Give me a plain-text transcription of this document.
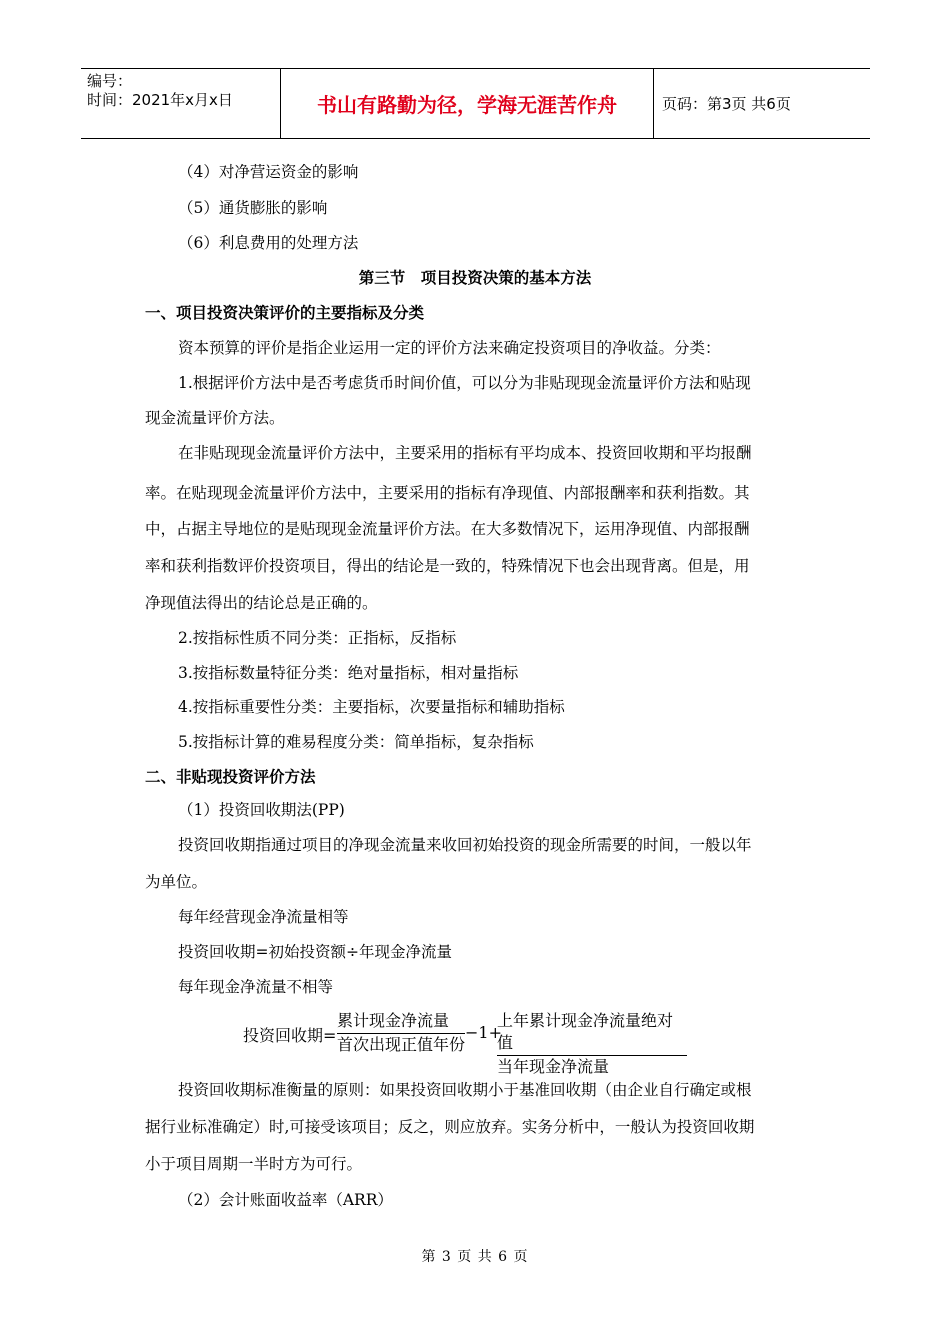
编号：
时间：2021年x月x日	书山有路勤为径，学海无涯苦作舟	页码：第3页 共6页
（4）对净营运资金的影响
（5）通货膨胀的影响
（6）利息费用的处理方法
第三节　项目投资决策的基本方法
一、项目投资决策评价的主要指标及分类
资本预算的评价是指企业运用一定的评价方法来确定投资项目的净收益。分类：
1.根据评价方法中是否考虑货币时间价值，可以分为非贴现现金流量评价方法和贴现
现金流量评价方法。
在非贴现现金流量评价方法中，主要采用的指标有平均成本、投资回收期和平均报酬
率。在贴现现金流量评价方法中，主要采用的指标有净现值、内部报酬率和获利指数。其
中，占据主导地位的是贴现现金流量评价方法。在大多数情况下，运用净现值、内部报酬
率和获利指数评价投资项目，得出的结论是一致的，特殊情况下也会出现背离。但是，用
净现值法得出的结论总是正确的。
2.按指标性质不同分类：正指标，反指标
3.按指标数量特征分类：绝对量指标，相对量指标
4.按指标重要性分类：主要指标，次要量指标和辅助指标
5.按指标计算的难易程度分类：简单指标，复杂指标
二、非贴现投资评价方法
（1）投资回收期法(PP)
投资回收期指通过项目的净现金流量来收回初始投资的现金所需要的时间，一般以年
为单位。
每年经营现金净流量相等
投资回收期=初始投资额÷年现金净流量
每年现金净流量不相等
投资回收期=
累计现金净流量
首次出现正值年份
−1+
上年累计现金净流量绝对值
当年现金净流量
投资回收期标准衡量的原则：如果投资回收期小于基准回收期（由企业自行确定或根
据行业标准确定）时,可接受该项目；反之，则应放弃。实务分析中，一般认为投资回收期
小于项目周期一半时方为可行。
（2）会计账面收益率（ARR）
第 3 页 共 6 页
